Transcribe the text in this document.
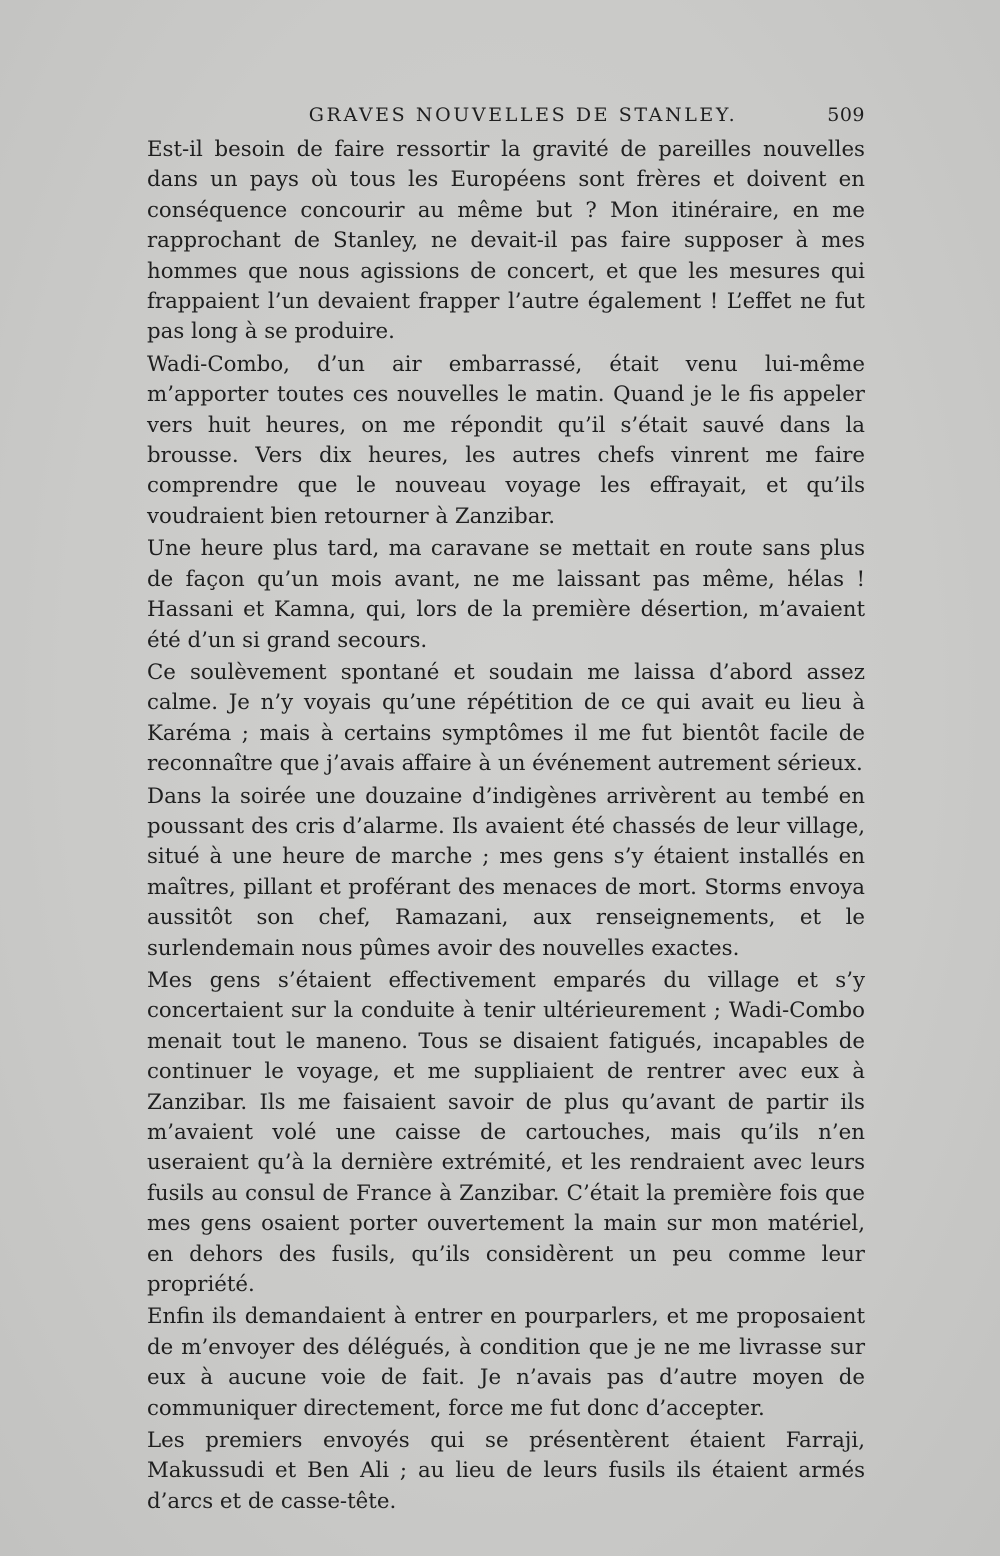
GRAVES NOUVELLES DE STANLEY.	509

Est-il besoin de faire ressortir la gravité de pareilles nouvelles dans un pays où tous les Européens sont frères et doivent en conséquence concourir au même but ? Mon itinéraire, en me rapprochant de Stanley, ne devait-il pas faire supposer à mes hommes que nous agissions de concert, et que les mesures qui frappaient l’un devaient frapper l’autre également ! L’effet ne fut pas long à se produire.

Wadi-Combo, d’un air embarrassé, était venu lui-même m’apporter toutes ces nouvelles le matin. Quand je le fis appeler vers huit heures, on me répondit qu’il s’était sauvé dans la brousse. Vers dix heures, les autres chefs vinrent me faire comprendre que le nouveau voyage les effrayait, et qu’ils voudraient bien retourner à Zanzibar.

Une heure plus tard, ma caravane se mettait en route sans plus de façon qu’un mois avant, ne me laissant pas même, hélas ! Hassani et Kamna, qui, lors de la première désertion, m’avaient été d’un si grand secours.

Ce soulèvement spontané et soudain me laissa d’abord assez calme. Je n’y voyais qu’une répétition de ce qui avait eu lieu à Karéma ; mais à certains symptômes il me fut bientôt facile de reconnaître que j’avais affaire à un événement autrement sérieux.

Dans la soirée une douzaine d’indigènes arrivèrent au tembé en poussant des cris d’alarme. Ils avaient été chassés de leur village, situé à une heure de marche ; mes gens s’y étaient installés en maîtres, pillant et proférant des menaces de mort. Storms envoya aussitôt son chef, Ramazani, aux renseignements, et le surlendemain nous pûmes avoir des nouvelles exactes.

Mes gens s’étaient effectivement emparés du village et s’y concertaient sur la conduite à tenir ultérieurement ; Wadi-Combo menait tout le maneno. Tous se disaient fatigués, incapables de continuer le voyage, et me suppliaient de rentrer avec eux à Zanzibar. Ils me faisaient savoir de plus qu’avant de partir ils m’avaient volé une caisse de cartouches, mais qu’ils n’en useraient qu’à la dernière extrémité, et les rendraient avec leurs fusils au consul de France à Zanzibar. C’était la première fois que mes gens osaient porter ouvertement la main sur mon matériel, en dehors des fusils, qu’ils considèrent un peu comme leur propriété.

Enfin ils demandaient à entrer en pourparlers, et me proposaient de m’envoyer des délégués, à condition que je ne me livrasse sur eux à aucune voie de fait. Je n’avais pas d’autre moyen de communiquer directement, force me fut donc d’accepter.

Les premiers envoyés qui se présentèrent étaient Farraji, Makussudi et Ben Ali ; au lieu de leurs fusils ils étaient armés d’arcs et de casse-tête.
